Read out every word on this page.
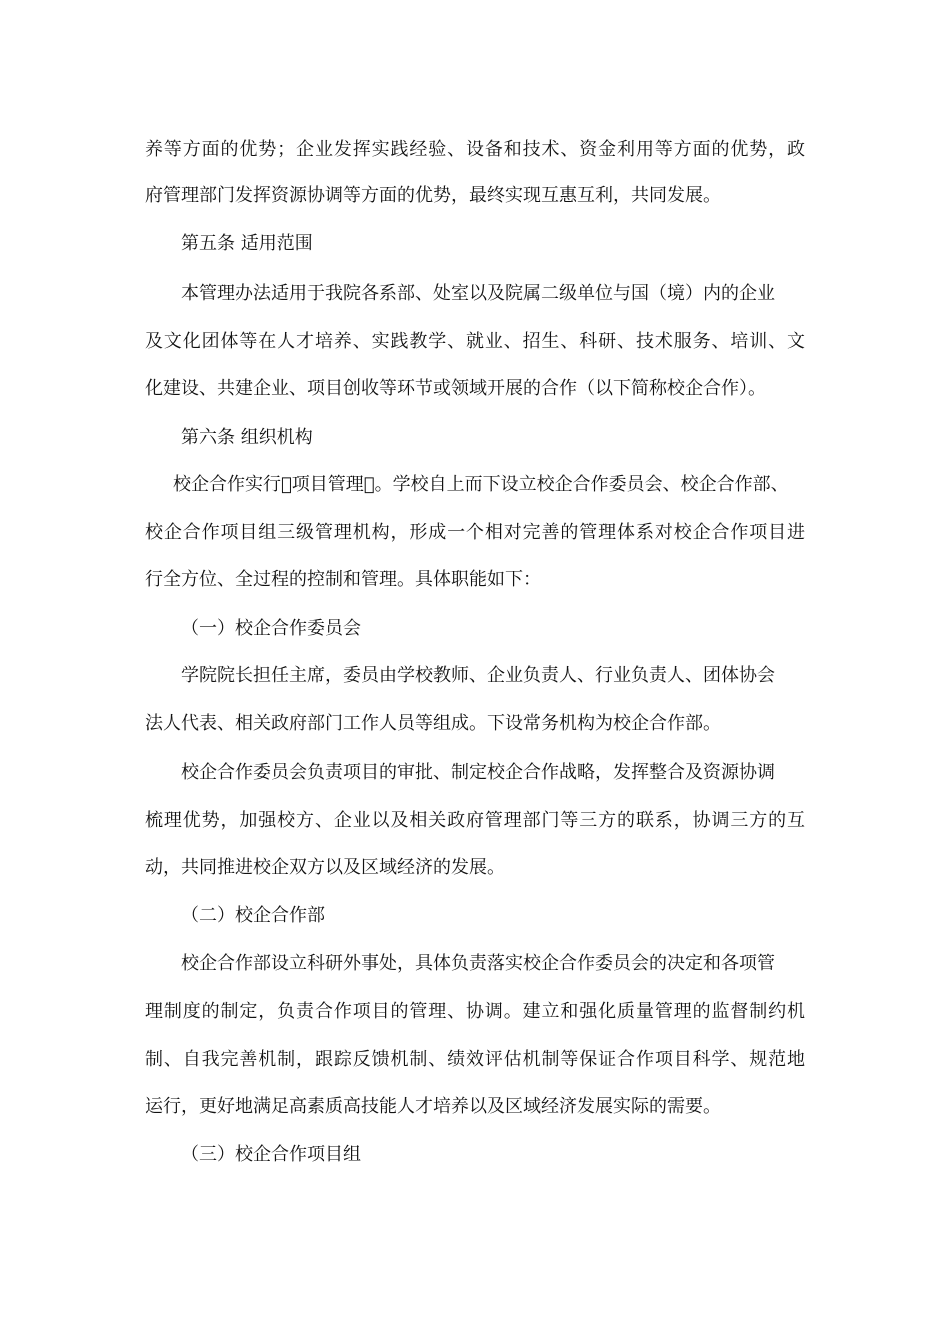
养等方面的优势；企业发挥实践经验、设备和技术、资金利用等方面的优势，政
府管理部门发挥资源协调等方面的优势，最终实现互惠互利，共同发展。
第五条 适用范围
本管理办法适用于我院各系部、处室以及院属二级单位与国（境）内的企业
及文化团体等在人才培养、实践教学、就业、招生、科研、技术服务、培训、文
化建设、共建企业、项目创收等环节或领域开展的合作（以下简称校企合作）。
第六条 组织机构
校企合作实行 项目管理 。学校自上而下设立校企合作委员会、校企合作部、
校企合作项目组三级管理机构，形成一个相对完善的管理体系对校企合作项目进
行全方位、全过程的控制和管理。具体职能如下：
（一）校企合作委员会
学院院长担任主席，委员由学校教师、企业负责人、行业负责人、团体协会
法人代表、相关政府部门工作人员等组成。下设常务机构为校企合作部。
校企合作委员会负责项目的审批、制定校企合作战略，发挥整合及资源协调
梳理优势，加强校方、企业以及相关政府管理部门等三方的联系，协调三方的互
动，共同推进校企双方以及区域经济的发展。
（二）校企合作部
校企合作部设立科研外事处，具体负责落实校企合作委员会的决定和各项管
理制度的制定，负责合作项目的管理、协调。建立和强化质量管理的监督制约机
制、自我完善机制，跟踪反馈机制、绩效评估机制等保证合作项目科学、规范地
运行，更好地满足高素质高技能人才培养以及区域经济发展实际的需要。
（三）校企合作项目组
